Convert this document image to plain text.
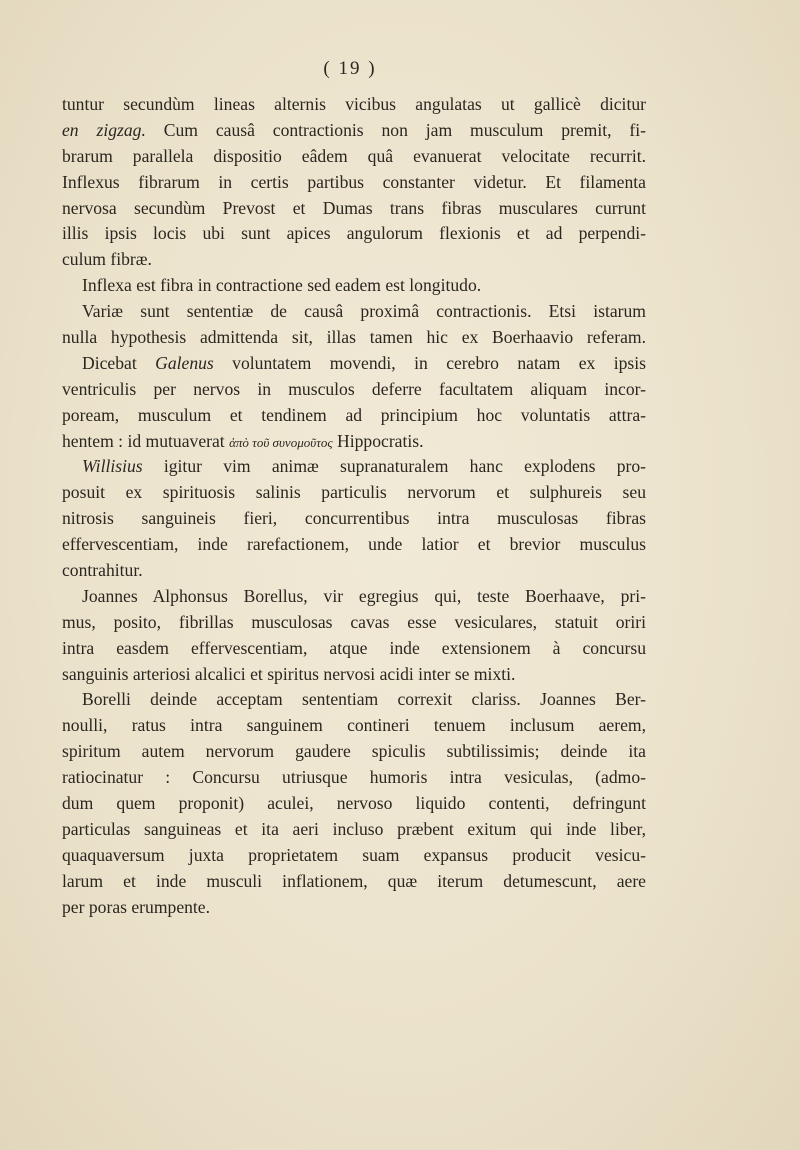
( 19 )
tuntur secundùm lineas alternis vicibus angulatas ut gallicè dicitur
en zigzag. Cum causâ contractionis non jam musculum premit, fi-
brarum parallela dispositio eâdem quâ evanuerat velocitate recurrit.
Inflexus fibrarum in certis partibus constanter videtur. Et filamenta
nervosa secundùm Prevost et Dumas trans fibras musculares currunt
illis ipsis locis ubi sunt apices angulorum flexionis et ad perpendi-
culum fibræ.
Inflexa est fibra in contractione sed eadem est longitudo.
Variæ sunt sententiæ de causâ proximâ contractionis. Etsi istarum
nulla hypothesis admittenda sit, illas tamen hic ex Boerhaavio referam.
Dicebat Galenus voluntatem movendi, in cerebro natam ex ipsis
ventriculis per nervos in musculos deferre facultatem aliquam incor-
poream, musculum et tendinem ad principium hoc voluntatis attra-
hentem : id mutuaverat ἀπὸ τοῦ συνομοῦτος Hippocratis.
Willisius igitur vim animæ supranaturalem hanc explodens pro-
posuit ex spirituosis salinis particulis nervorum et sulphureis seu
nitrosis sanguineis fieri, concurrentibus intra musculosas fibras
effervescentiam, inde rarefactionem, unde latior et brevior musculus
contrahitur.
Joannes Alphonsus Borellus, vir egregius qui, teste Boerhaave, pri-
mus, posito, fibrillas musculosas cavas esse vesiculares, statuit oriri
intra easdem effervescentiam, atque inde extensionem à concursu
sanguinis arteriosi alcalici et spiritus nervosi acidi inter se mixti.
Borelli deinde acceptam sententiam correxit clariss. Joannes Ber-
noulli, ratus intra sanguinem contineri tenuem inclusum aerem,
spiritum autem nervorum gaudere spiculis subtilissimis; deinde ita
ratiocinatur : Concursu utriusque humoris intra vesiculas, (admo-
dum quem proponit) aculei, nervoso liquido contenti, defringunt
particulas sanguineas et ita aeri incluso præbent exitum qui inde liber,
quaquaversum juxta proprietatem suam expansus producit vesicu-
larum et inde musculi inflationem, quæ iterum detumescunt, aere
per poras erumpente.
